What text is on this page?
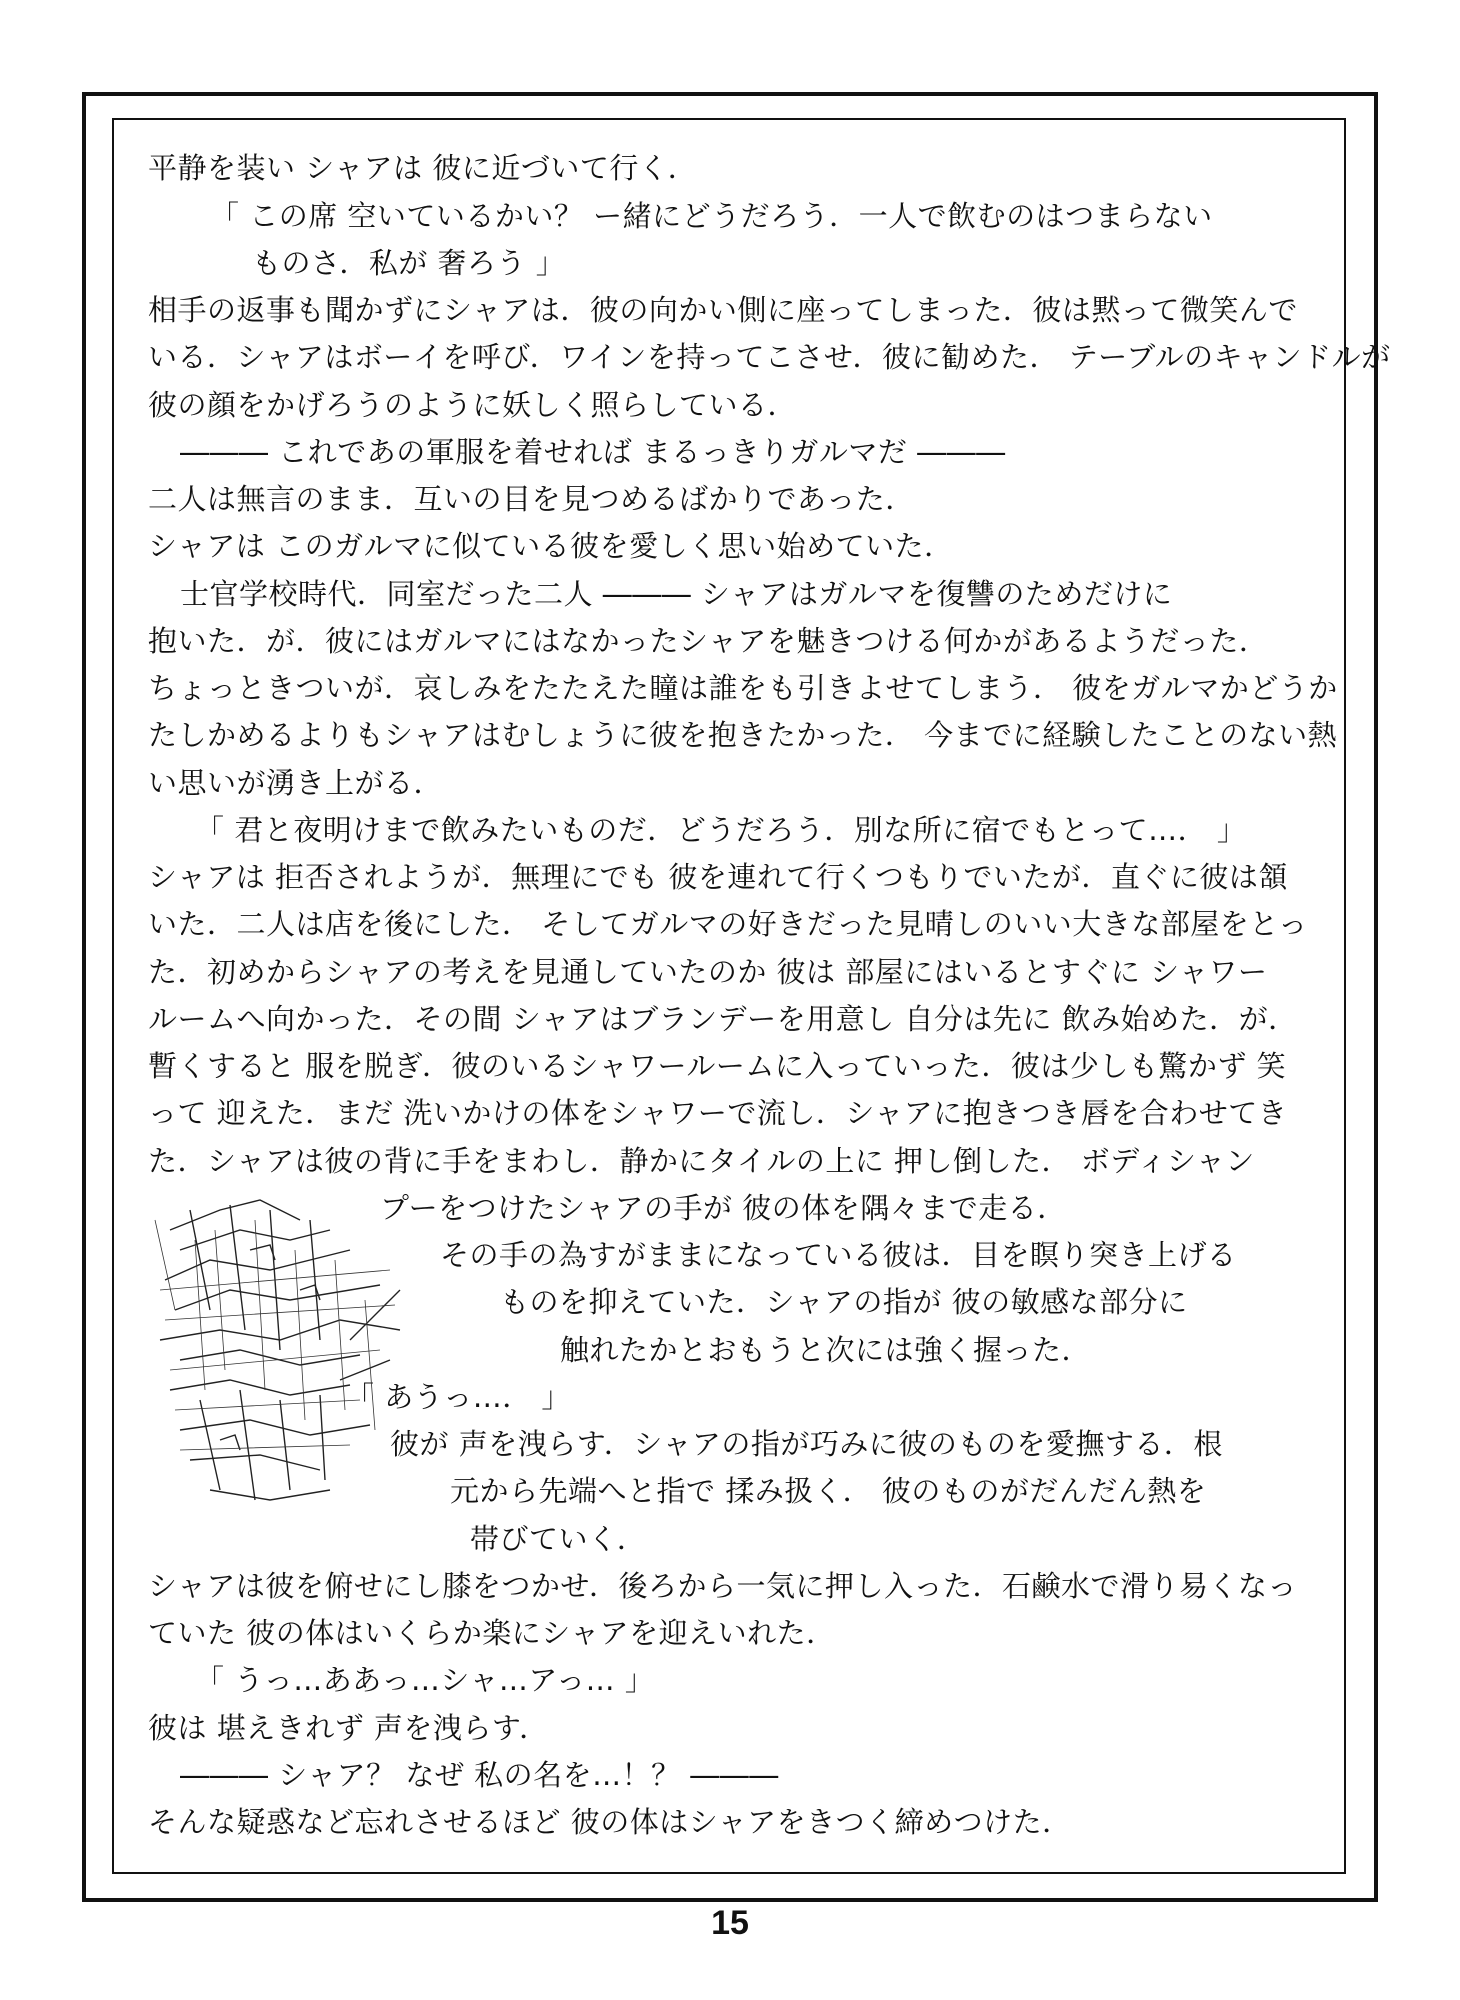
平静を装い シャアは 彼に近づいて行く．
「 この席 空いているかい？ ー緒にどうだろう．一人で飲むのはつまらない
ものさ．私が 奢ろう 」
相手の返事も聞かずにシャアは．彼の向かい側に座ってしまった．彼は黙って微笑んで
いる．シャアはボーイを呼び．ワインを持ってこさせ．彼に勧めた． テーブルのキャンドルが
彼の顔をかげろうのように妖しく照らしている．
――― これであの軍服を着せれば まるっきりガルマだ ―――
二人は無言のまま．互いの目を見つめるばかりであった．
シャアは このガルマに似ている彼を愛しく思い始めていた．
士官学校時代．同室だった二人 ――― シャアはガルマを復讐のためだけに
抱いた．が．彼にはガルマにはなかったシャアを魅きつける何かがあるようだった．
ちょっときついが．哀しみをたたえた瞳は誰をも引きよせてしまう． 彼をガルマかどうか
たしかめるよりもシャアはむしょうに彼を抱きたかった． 今までに経験したことのない熱
い思いが湧き上がる．
「 君と夜明けまで飲みたいものだ．どうだろう．別な所に宿でもとって…． 」
シャアは 拒否されようが．無理にでも 彼を連れて行くつもりでいたが．直ぐに彼は頷
いた．二人は店を後にした． そしてガルマの好きだった見晴しのいい大きな部屋をとっ
た．初めからシャアの考えを見通していたのか 彼は 部屋にはいるとすぐに シャワー
ルームへ向かった．その間 シャアはブランデーを用意し 自分は先に 飲み始めた．が．
暫くすると 服を脱ぎ．彼のいるシャワールームに入っていった．彼は少しも驚かず 笑
って 迎えた．まだ 洗いかけの体をシャワーで流し．シャアに抱きつき唇を合わせてき
た．シャアは彼の背に手をまわし．静かにタイルの上に 押し倒した． ボディシャン
プーをつけたシャアの手が 彼の体を隅々まで走る．
その手の為すがままになっている彼は．目を瞑り突き上げる
ものを抑えていた．シャアの指が 彼の敏感な部分に
触れたかとおもうと次には強く握った．
「 あうっ…． 」
彼が 声を洩らす．シャアの指が巧みに彼のものを愛撫する．根
元から先端へと指で 揉み扱く． 彼のものがだんだん熱を
帯びていく．
シャアは彼を俯せにし膝をつかせ．後ろから一気に押し入った．石鹸水で滑り易くなっ
ていた 彼の体はいくらか楽にシャアを迎えいれた．
「 うっ…ああっ…シャ…アっ… 」
彼は 堪えきれず 声を洩らす．
――― シャア？ なぜ 私の名を…！？ ―――
そんな疑惑など忘れさせるほど 彼の体はシャアをきつく締めつけた．
15
